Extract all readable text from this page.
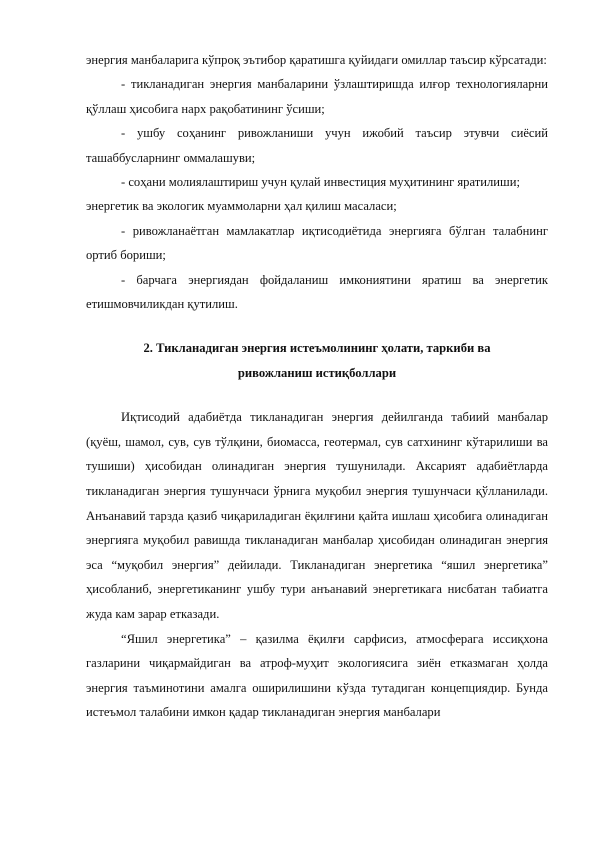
энергия манбаларига кўпроқ эътибор қаратишга қуйидаги омиллар таъсир кўрсатади:

- тикланадиган энергия манбаларини ўзлаштиришда илғор технологияларни қўллаш ҳисобига нарх рақобатининг ўсиши;

- ушбу соҳанинг ривожланиши учун ижобий таъсир этувчи сиёсий ташаббусларнинг оммалашуви;

- соҳани молиялаштириш учун қулай инвестиция муҳитининг яратилиши;

энергетик ва экологик муаммоларни ҳал қилиш масаласи;

- ривожланаётган мамлакатлар иқтисодиётида энергияга бўлган талабнинг ортиб бориши;

- барчага энергиядан фойдаланиш имкониятини яратиш ва энергетик етишмовчиликдан қутилиш.

2. Тикланадиган энергия истеъмолининг ҳолати, таркиби ва
ривожланиш истиқболлари

Иқтисодий адабиётда тикланадиган энергия дейилганда табиий манбалар (қуёш, шамол, сув, сув тўлқини, биомасса, геотермал, сув сатхининг кўтарилиши ва тушиши) ҳисобидан олинадиган энергия тушунилади. Аксарият адабиётларда тикланадиган энергия тушунчаси ўрнига муқобил энергия тушунчаси қўлланилади. Анъанавий тарзда қазиб чиқариладиган ёқилғини қайта ишлаш ҳисобига олинадиган энергияга муқобил равишда тикланадиган манбалар ҳисобидан олинадиган энергия эса “муқобил энергия” дейилади. Тикланадиган энергетика “яшил энергетика” ҳисобланиб, энергетиканинг ушбу тури анъанавий энергетикага нисбатан табиатга жуда кам зарар етказади.

“Яшил энергетика” – қазилма ёқилғи сарфисиз, атмосферага иссиқхона газларини чиқармайдиган ва атроф-муҳит экологиясига зиён етказмаган ҳолда энергия таъминотини амалга оширилишини кўзда тутадиган концепциядир. Бунда истеъмол талабини имкон қадар тикланадиган энергия манбалари
